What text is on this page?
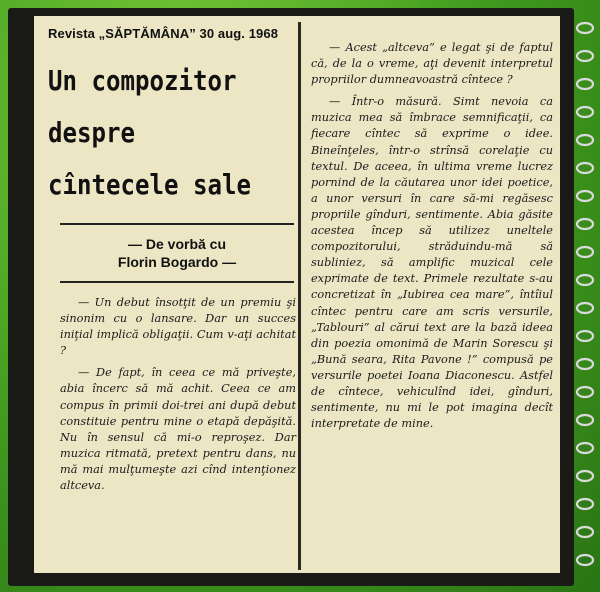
Revista „SĂPTĂMÂNA” 30 aug. 1968
Un compozitor
despre
cîntecele sale
— De vorbă cu
Florin Bogardo —

— Un debut însotţit de un premiu şi sinonim cu o lansare. Dar un succes iniţial implică obligaţii. Cum v-aţi achitat ?

— De fapt, în ceea ce mă priveşte, abia încerc să mă achit. Ceea ce am compus în primii doi-trei ani după debut constituie pentru mine o etapă depăşită. Nu în sensul că mi-o reproşez. Dar muzica ritmată, pretext pentru dans, nu mă mai mulţumeşte azi cînd intenţionez altceva.

— Acest „altceva” e legat şi de faptul că, de la o vreme, aţi devenit interpretul propriilor dumneavoastră cîntece ?

— Într-o măsură. Simt nevoia ca muzica mea să îmbrace semnificaţii, ca fiecare cîntec să exprime o idee. Bineînţeles, într-o strînsă corelaţie cu textul. De aceea, în ultima vreme lucrez pornind de la căutarea unor idei poetice, a unor versuri în care să-mi regăsesc propriile gînduri, sentimente. Abia găsite acestea încep să utilizez uneltele compozitorului, străduindu-mă să subliniez, să amplific muzical cele exprimate de text. Primele rezultate s-au concretizat în „Iubirea cea mare”, întîiul cîntec pentru care am scris versurile, „Tablouri” al cărui text are la bază ideea din poezia omonimă de Marin Sorescu şi „Bună seara, Rita Pavone !” compusă pe versurile poetei Ioana Diaconescu. Astfel de cîntece, vehiculînd idei, gînduri, sentimente, nu mi le pot imagina decît interpretate de mine.
